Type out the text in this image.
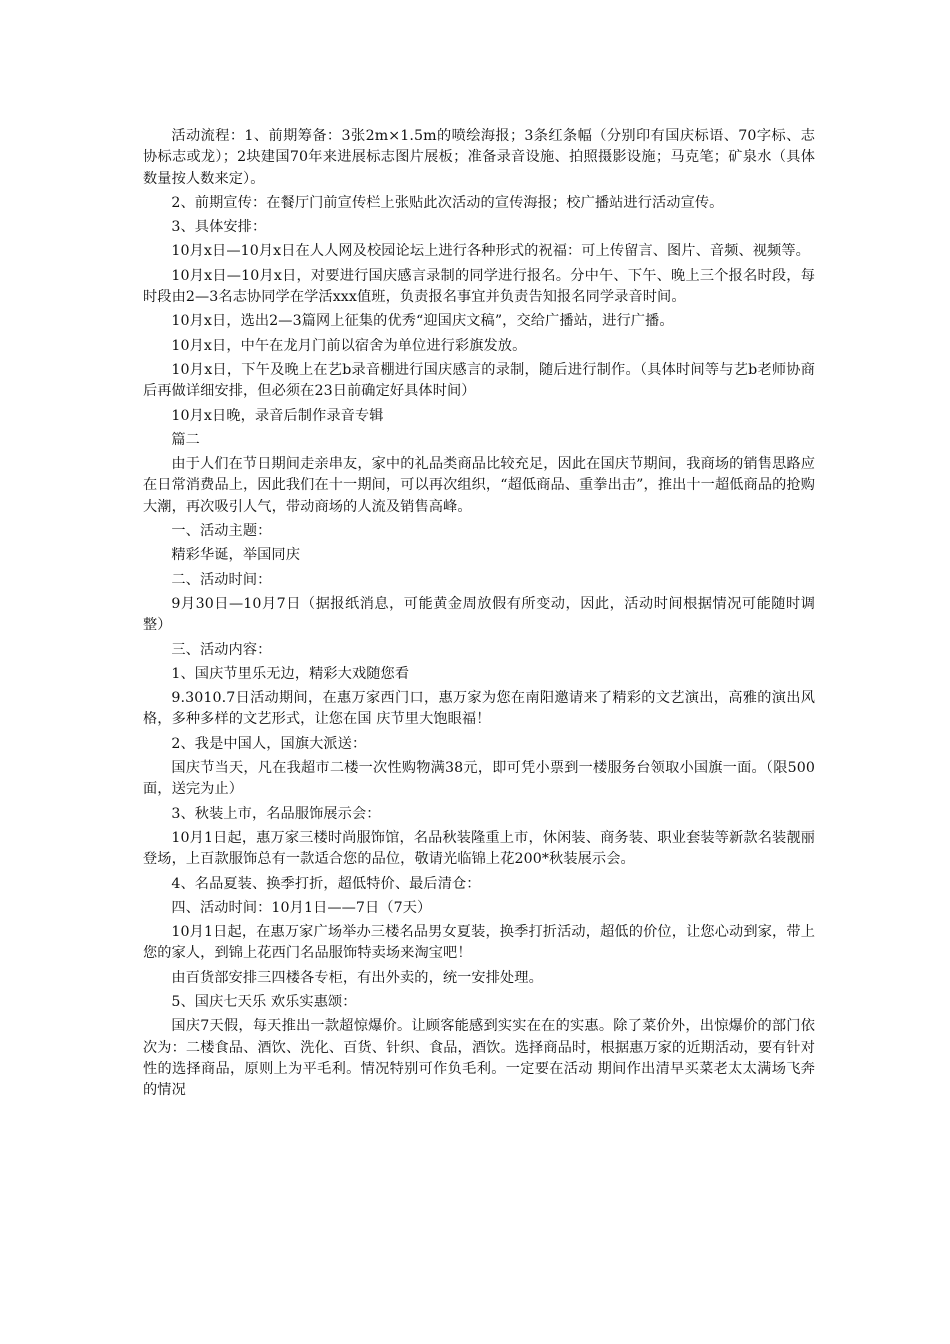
活动流程：1、前期筹备：3张2m×1.5m的喷绘海报；3条红条幅（分别印有国庆标语、70字标、志协标志或龙）；2块建国70年来进展标志图片展板；准备录音设施、拍照摄影设施；马克笔；矿泉水（具体数量按人数来定）。

2、前期宣传：在餐厅门前宣传栏上张贴此次活动的宣传海报；校广播站进行活动宣传。

3、具体安排：

10月x日—10月x日在人人网及校园论坛上进行各种形式的祝福：可上传留言、图片、音频、视频等。

10月x日—10月x日，对要进行国庆感言录制的同学进行报名。分中午、下午、晚上三个报名时段，每时段由2—3名志协同学在学活xxx值班，负责报名事宜并负责告知报名同学录音时间。

10月x日，选出2—3篇网上征集的优秀“迎国庆文稿”，交给广播站，进行广播。

10月x日，中午在龙月门前以宿舍为单位进行彩旗发放。

10月x日，下午及晚上在艺b录音棚进行国庆感言的录制，随后进行制作。（具体时间等与艺b老师协商后再做详细安排，但必须在23日前确定好具体时间）

10月x日晚，录音后制作录音专辑

篇二

由于人们在节日期间走亲串友，家中的礼品类商品比较充足，因此在国庆节期间，我商场的销售思路应在日常消费品上，因此我们在十一期间，可以再次组织，“超低商品、重拳出击”，推出十一超低商品的抢购大潮，再次吸引人气，带动商场的人流及销售高峰。

一、活动主题：

精彩华诞，举国同庆

二、活动时间：

9月30日—10月7日（据报纸消息，可能黄金周放假有所变动，因此，活动时间根据情况可能随时调整）

三、活动内容：

1、国庆节里乐无边，精彩大戏随您看

9.3010.7日活动期间，在惠万家西门口，惠万家为您在南阳邀请来了精彩的文艺演出，高雅的演出风格，多种多样的文艺形式，让您在国 庆节里大饱眼福！

2、我是中国人，国旗大派送：

国庆节当天，凡在我超市二楼一次性购物满38元，即可凭小票到一楼服务台领取小国旗一面。（限500面，送完为止）

3、秋装上市，名品服饰展示会：

10月1日起，惠万家三楼时尚服饰馆，名品秋装隆重上市，休闲装、商务装、职业套装等新款名装靓丽登场，上百款服饰总有一款适合您的品位，敬请光临锦上花200*秋装展示会。

4、名品夏装、换季打折，超低特价、最后清仓：

四、活动时间：10月1日——7日（7天）

10月1日起，在惠万家广场举办三楼名品男女夏装，换季打折活动，超低的价位，让您心动到家，带上您的家人，到锦上花西门名品服饰特卖场来淘宝吧！

由百货部安排三四楼各专柜，有出外卖的，统一安排处理。

5、国庆七天乐 欢乐实惠颂：

国庆7天假，每天推出一款超惊爆价。让顾客能感到实实在在的实惠。除了菜价外，出惊爆价的部门依次为：二楼食品、酒饮、洗化、百货、针织、食品，酒饮。选择商品时，根据惠万家的近期活动，要有针对性的选择商品，原则上为平毛利。情况特别可作负毛利。一定要在活动 期间作出清早买菜老太太满场飞奔的情况
